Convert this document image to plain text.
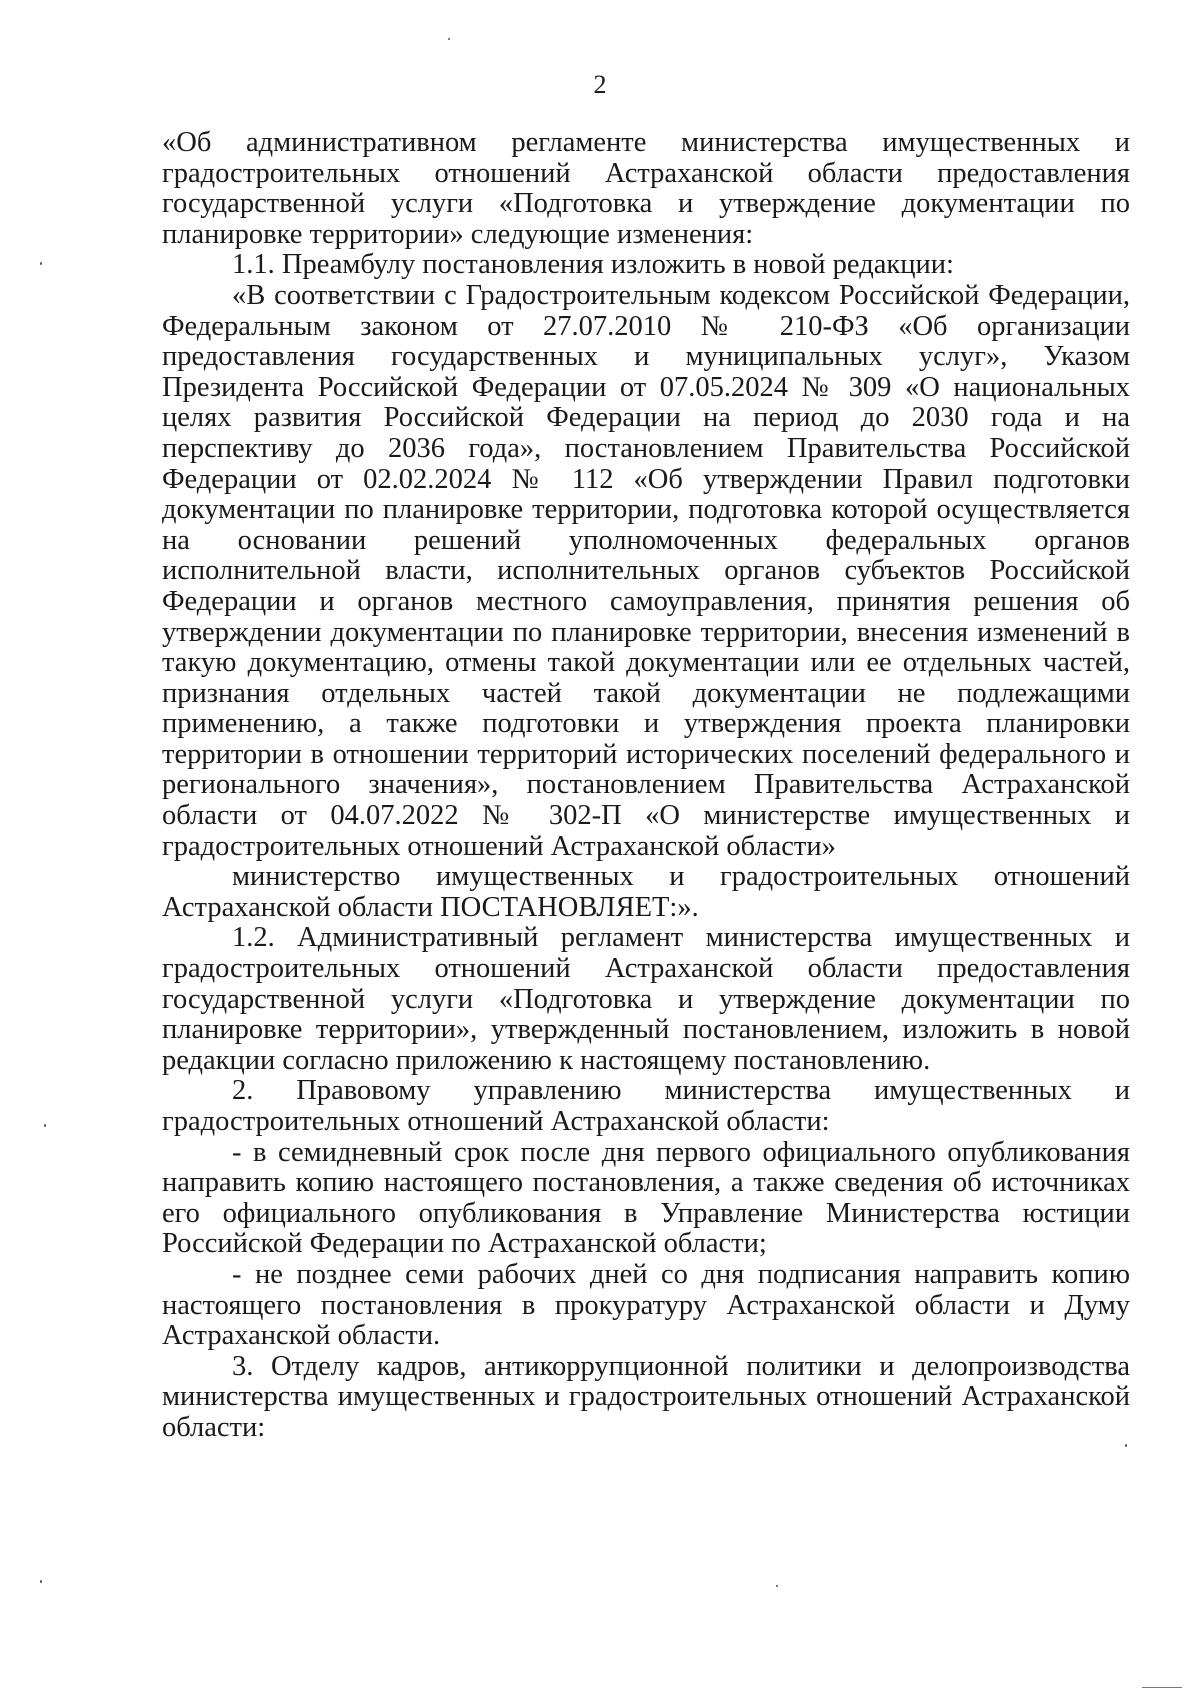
2

«Об административном регламенте министерства имущественных и градостроительных отношений Астраханской области предоставления государственной услуги «Подготовка и утверждение документации по планировке территории» следующие изменения:

1.1. Преамбулу постановления изложить в новой редакции:

«В соответствии с Градостроительным кодексом Российской Федерации, Федеральным законом от 27.07.2010 № 210-ФЗ «Об организации предоставления государственных и муниципальных услуг», Указом Президента Российской Федерации от 07.05.2024 № 309 «О национальных целях развития Российской Федерации на период до 2030 года и на перспективу до 2036 года», постановлением Правительства Российской Федерации от 02.02.2024 № 112 «Об утверждении Правил подготовки документации по планировке территории, подготовка которой осуществляется на основании решений уполномоченных федеральных органов исполнительной власти, исполнительных органов субъектов Российской Федерации и органов местного самоуправления, принятия решения об утверждении документации по планировке территории, внесения изменений в такую документацию, отмены такой документации или ее отдельных частей, признания отдельных частей такой документации не подлежащими применению, а также подготовки и утверждения проекта планировки территории в отношении территорий исторических поселений федерального и регионального значения», постановлением Правительства Астраханской области от 04.07.2022 № 302-П «О министерстве имущественных и градостроительных отношений Астраханской области»

министерство имущественных и градостроительных отношений Астраханской области ПОСТАНОВЛЯЕТ:».

1.2. Административный регламент министерства имущественных и градостроительных отношений Астраханской области предоставления государственной услуги «Подготовка и утверждение документации по планировке территории», утвержденный постановлением, изложить в новой редакции согласно приложению к настоящему постановлению.

2. Правовому управлению министерства имущественных и градостроительных отношений Астраханской области:

- в семидневный срок после дня первого официального опубликования направить копию настоящего постановления, а также сведения об источниках его официального опубликования в Управление Министерства юстиции Российской Федерации по Астраханской области;

- не позднее семи рабочих дней со дня подписания направить копию настоящего постановления в прокуратуру Астраханской области и Думу Астраханской области.

3. Отделу кадров, антикоррупционной политики и делопроизводства министерства имущественных и градостроительных отношений Астраханской области:
